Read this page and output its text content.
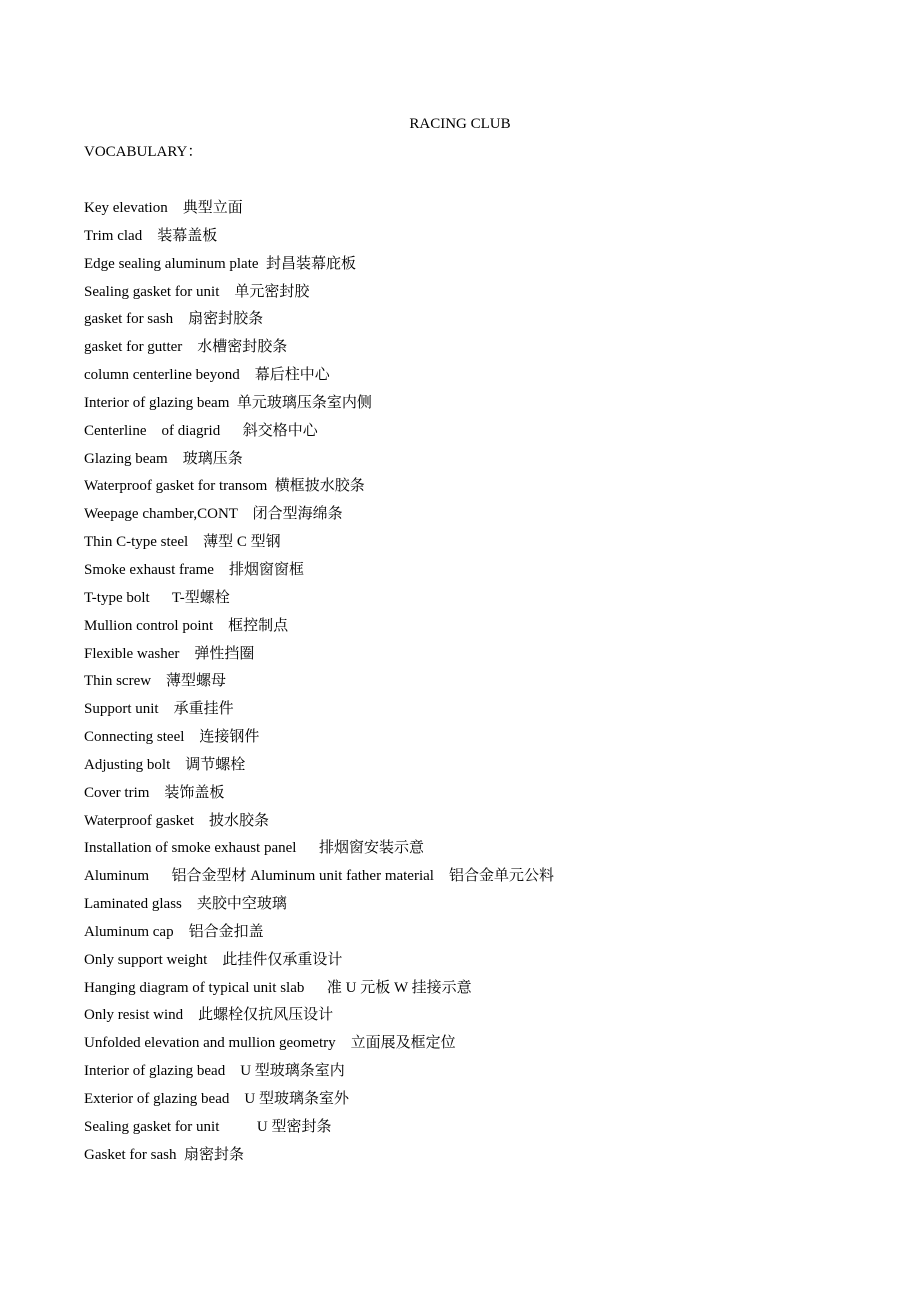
RACING CLUB
VOCABULARY：
Key elevation    典型立面
Trim clad    装幕盖板
Edge sealing aluminum plate  封昌装幕庇板
Sealing gasket for unit    单元密封胶
gasket for sash    扇密封胶条
gasket for gutter    水槽密封胶条
column centerline beyond    幕后柱中心
Interior of glazing beam  单元玻璃压条室内侧
Centerline    of diagrid      斜交格中心
Glazing beam    玻璃压条
Waterproof gasket for transom  横框披水胶条
Weepage chamber,CONT    闭合型海绵条
Thin C-type steel    薄型 C 型钢
Smoke exhaust frame    排烟窗窗框
T-type bolt      T-型螺栓
Mullion control point    框控制点
Flexible washer    弹性挡圈
Thin screw    薄型螺母
Support unit    承重挂件
Connecting steel    连接钢件
Adjusting bolt    调节螺栓
Cover trim    装饰盖板
Waterproof gasket    披水胶条
Installation of smoke exhaust panel      排烟窗安装示意
Aluminum      铝合金型材 Aluminum unit father material    铝合金单元公料
Laminated glass    夹胶中空玻璃
Aluminum cap    铝合金扣盖
Only support weight    此挂件仅承重设计
Hanging diagram of typical unit slab      准 U 元板 W 挂接示意
Only resist wind    此螺栓仅抗风压设计
Unfolded elevation and mullion geometry    立面展及框定位
Interior of glazing bead    U 型玻璃条室内
Exterior of glazing bead    U 型玻璃条室外
Sealing gasket for unit          U 型密封条
Gasket for sash  扇密封条
